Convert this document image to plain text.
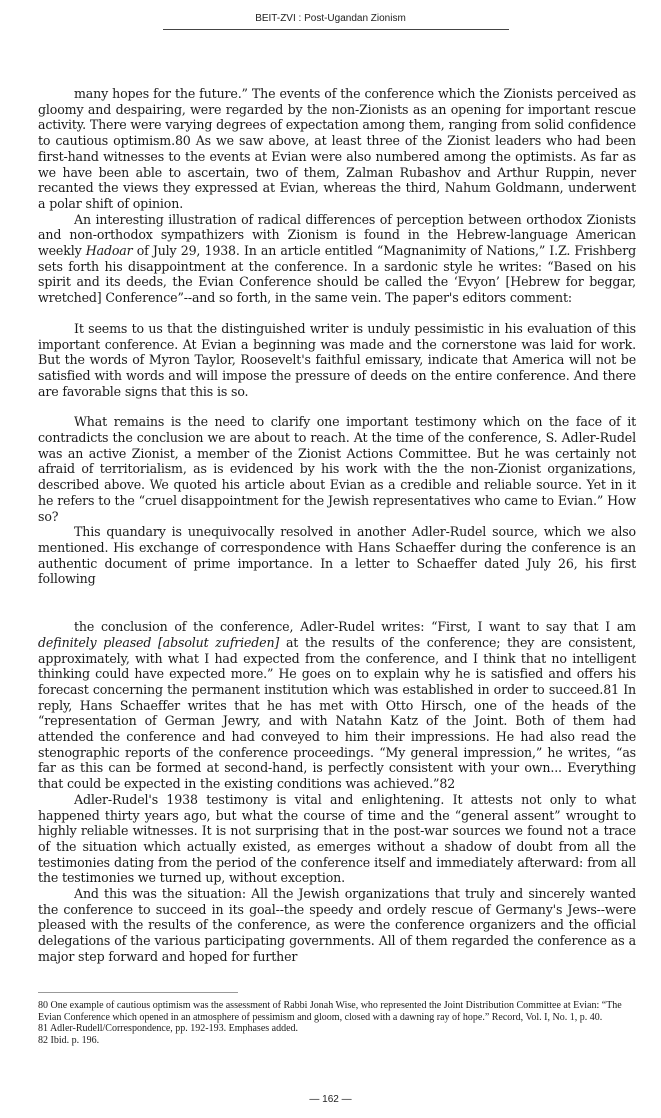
BEIT-ZVI : Post-Ugandan Zionism

many hopes for the future.” The events of the conference which the Zionists perceived as gloomy and despairing, were regarded by the non-Zionists as an opening for important rescue activity. There were varying degrees of expectation among them, ranging from solid confidence to cautious optimism.80 As we saw above, at least three of the Zionist leaders who had been first-hand witnesses to the events at Evian were also numbered among the optimists. As far as we have been able to ascertain, two of them, Zalman Rubashov and Arthur Ruppin, never recanted the views they expressed at Evian, whereas the third, Nahum Goldmann, underwent a polar shift of opinion.

An interesting illustration of radical differences of perception between orthodox Zionists and non-orthodox sympathizers with Zionism is found in the Hebrew-language American weekly Hadoar of July 29, 1938. In an article entitled “Magnanimity of Nations,” I.Z. Frishberg sets forth his disappointment at the conference. In a sardonic style he writes: “Based on his spirit and its deeds, the Evian Conference should be called the ‘Evyon’ [Hebrew for beggar, wretched] Conference”--and so forth, in the same vein. The paper's editors comment:

It seems to us that the distinguished writer is unduly pessimistic in his evaluation of this important conference. At Evian a beginning was made and the cornerstone was laid for work. But the words of Myron Taylor, Roosevelt's faithful emissary, indicate that America will not be satisfied with words and will impose the pressure of deeds on the entire conference. And there are favorable signs that this is so.

What remains is the need to clarify one important testimony which on the face of it contradicts the conclusion we are about to reach. At the time of the conference, S. Adler-Rudel was an active Zionist, a member of the Zionist Actions Committee. But he was certainly not afraid of territorialism, as is evidenced by his work with the the non-Zionist organizations, described above. We quoted his article about Evian as a credible and reliable source. Yet in it he refers to the “cruel disappointment for the Jewish representatives who came to Evian.” How so?

This quandary is unequivocally resolved in another Adler-Rudel source, which we also mentioned. His exchange of correspondence with Hans Schaeffer during the conference is an authentic document of prime importance. In a letter to Schaeffer dated July 26, his first following

the conclusion of the conference, Adler-Rudel writes: “First, I want to say that I am definitely pleased [absolut zufrieden] at the results of the conference; they are consistent, approximately, with what I had expected from the conference, and I think that no intelligent thinking could have expected more.” He goes on to explain why he is satisfied and offers his forecast concerning the permanent institution which was established in order to succeed.81 In reply, Hans Schaeffer writes that he has met with Otto Hirsch, one of the heads of the “representation of German Jewry, and with Natahn Katz of the Joint. Both of them had attended the conference and had conveyed to him their impressions. He had also read the stenographic reports of the conference proceedings. “My general impression,” he writes, “as far as this can be formed at second-hand, is perfectly consistent with your own... Everything that could be expected in the existing conditions was achieved.”82

Adler-Rudel's 1938 testimony is vital and enlightening. It attests not only to what happened thirty years ago, but what the course of time and the “general assent” wrought to highly reliable witnesses. It is not surprising that in the post-war sources we found not a trace of the situation which actually existed, as emerges without a shadow of doubt from all the testimonies dating from the period of the conference itself and immediately afterward: from all the testimonies we turned up, without exception.

And this was the situation: All the Jewish organizations that truly and sincerely wanted the conference to succeed in its goal--the speedy and ordely rescue of Germany's Jews--were pleased with the results of the conference, as were the conference organizers and the official delegations of the various participating governments. All of them regarded the conference as a major step forward and hoped for further

80 One example of cautious optimism was the assessment of Rabbi Jonah Wise, who represented the Joint Distribution Committee at Evian: “The Evian Conference which opened in an atmosphere of pessimism and gloom, closed with a dawning ray of hope.” Record, Vol. I, No. 1, p. 40.

81 Adler-Rudell/Correspondence, pp. 192-193. Emphases added.

82 Ibid. p. 196.

— 162 —
